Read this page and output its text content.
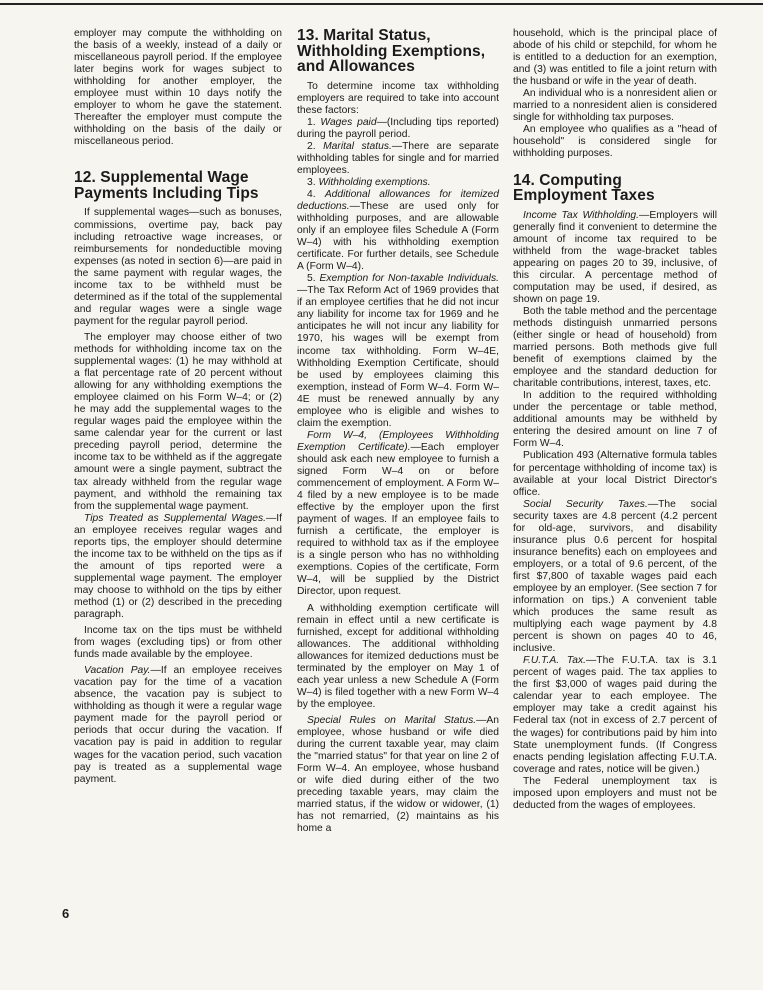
employer may compute the withholding on the basis of a weekly, instead of a daily or miscellaneous payroll period. If the employee later begins work for wages subject to withholding for another employer, the employee must within 10 days notify the employer to whom he gave the statement. Thereafter the employer must compute the withholding on the basis of the daily or miscellaneous period.

12. Supplemental Wage Payments Including Tips

If supplemental wages—such as bonuses, commissions, overtime pay, back pay including retroactive wage increases, or reimbursements for nondeductible moving expenses (as noted in section 6)—are paid in the same payment with regular wages, the income tax to be withheld must be determined as if the total of the supplemental and regular wages were a single wage payment for the regular payroll period.

The employer may choose either of two methods for withholding income tax on the supplemental wages: (1) he may withhold at a flat percentage rate of 20 percent without allowing for any withholding exemptions the employee claimed on his Form W–4; or (2) he may add the supplemental wages to the regular wages paid the employee within the same calendar year for the current or last preceding payroll period, determine the income tax to be withheld as if the aggregate amount were a single payment, subtract the tax already withheld from the regular wage payment, and withhold the remaining tax from the supplemental wage payment.

Tips Treated as Supplemental Wages.—If an employee receives regular wages and reports tips, the employer should determine the income tax to be withheld on the tips as if the amount of tips reported were a supplemental wage payment. The employer may choose to withhold on the tips by either method (1) or (2) described in the preceding paragraph.

Income tax on the tips must be withheld from wages (excluding tips) or from other funds made available by the employee.

Vacation Pay.—If an employee receives vacation pay for the time of a vacation absence, the vacation pay is subject to withholding as though it were a regular wage payment made for the payroll period or periods that occur during the vacation. If vacation pay is paid in addition to regular wages for the vacation period, such vacation pay is treated as a supplemental wage payment.

13. Marital Status, Withholding Exemptions, and Allowances

To determine income tax withholding employers are required to take into account these factors:

1. Wages paid—(Including tips reported) during the payroll period.

2. Marital status.—There are separate withholding tables for single and for married employees.

3. Withholding exemptions.

4. Additional allowances for itemized deductions.—These are used only for withholding purposes, and are allowable only if an employee files Schedule A (Form W–4) with his withholding exemption certificate. For further details, see Schedule A (Form W–4).

5. Exemption for Non-taxable Individuals.—The Tax Reform Act of 1969 provides that if an employee certifies that he did not incur any liability for income tax for 1969 and he anticipates he will not incur any liability for 1970, his wages will be exempt from income tax withholding. Form W–4E, Withholding Exemption Certificate, should be used by employees claiming this exemption, instead of Form W–4. Form W–4E must be renewed annually by any employee who is eligible and wishes to claim the exemption.

Form W–4, (Employees Withholding Exemption Certificate).—Each employer should ask each new employee to furnish a signed Form W–4 on or before commencement of employment. A Form W–4 filed by a new employee is to be made effective by the employer upon the first payment of wages. If an employee fails to furnish a certificate, the employer is required to withhold tax as if the employee is a single person who has no withholding exemptions. Copies of the certificate, Form W–4, will be supplied by the District Director, upon request.

A withholding exemption certificate will remain in effect until a new certificate is furnished, except for additional withholding allowances. The additional withholding allowances for itemized deductions must be terminated by the employer on May 1 of each year unless a new Schedule A (Form W–4) is filed together with a new Form W–4 by the employee.

Special Rules on Marital Status.—An employee, whose husband or wife died during the current taxable year, may claim the "married status" for that year on line 2 of Form W–4. An employee, whose husband or wife died during either of the two preceding taxable years, may claim the married status, if the widow or widower, (1) has not remarried, (2) maintains as his home a

household, which is the principal place of abode of his child or stepchild, for whom he is entitled to a deduction for an exemption, and (3) was entitled to file a joint return with the husband or wife in the year of death.

An individual who is a nonresident alien or married to a nonresident alien is considered single for withholding tax purposes.

An employee who qualifies as a "head of household" is considered single for withholding purposes.

14. Computing Employment Taxes

Income Tax Withholding.—Employers will generally find it convenient to determine the amount of income tax required to be withheld from the wage-bracket tables appearing on pages 20 to 39, inclusive, of this circular. A percentage method of computation may be used, if desired, as shown on page 19.

Both the table method and the percentage methods distinguish unmarried persons (either single or head of household) from married persons. Both methods give full benefit of exemptions claimed by the employee and the standard deduction for charitable contributions, interest, taxes, etc.

In addition to the required withholding under the percentage or table method, additional amounts may be withheld by entering the desired amount on line 7 of Form W–4.

Publication 493 (Alternative formula tables for percentage withholding of income tax) is available at your local District Director's office.

Social Security Taxes.—The social security taxes are 4.8 percent (4.2 percent for old-age, survivors, and disability insurance plus 0.6 percent for hospital insurance benefits) each on employees and employers, or a total of 9.6 percent, of the first $7,800 of taxable wages paid each employee by an employer. (See section 7 for information on tips.) A convenient table which produces the same result as multiplying each wage payment by 4.8 percent is shown on pages 40 to 46, inclusive.

F.U.T.A. Tax.—The F.U.T.A. tax is 3.1 percent of wages paid. The tax applies to the first $3,000 of wages paid during the calendar year to each employee. The employer may take a credit against his Federal tax (not in excess of 2.7 percent of the wages) for contributions paid by him into State unemployment funds. (If Congress enacts pending legislation affecting F.U.T.A. coverage and rates, notice will be given.)

The Federal unemployment tax is imposed upon employers and must not be deducted from the wages of employees.

6
